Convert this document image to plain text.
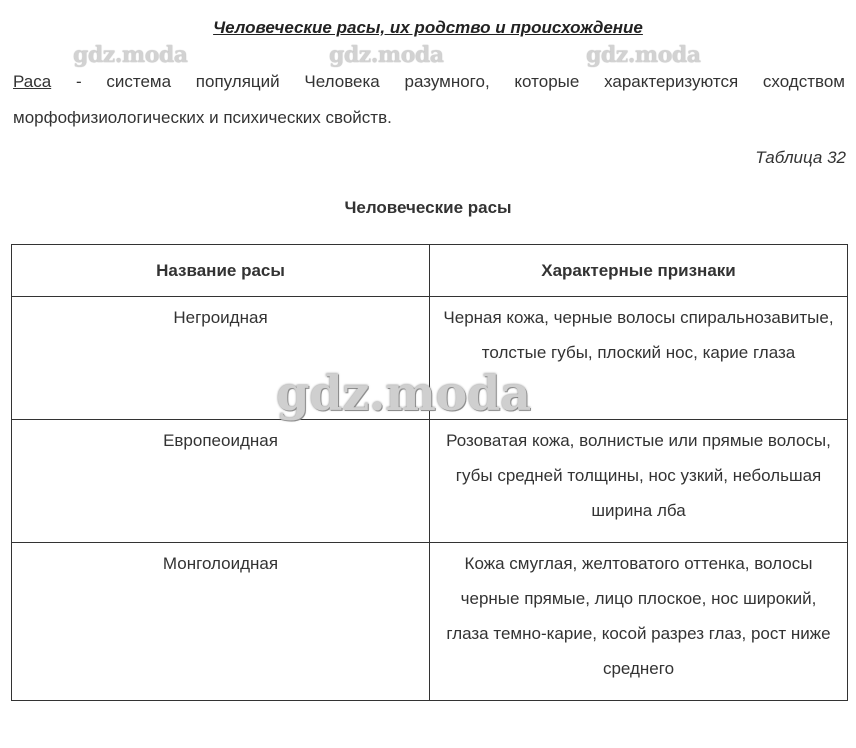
Человеческие расы, их родство и происхождение
gdz.moda	gdz.moda	gdz.moda

Раса - система популяций Человека разумного, которые характеризуются сходством морфофизиологических и психических свойств.

Таблица 32

Человеческие расы

Название расы	Характерные признаки
Негроидная	Черная кожа, черные волосы спиральнозавитые, толстые губы, плоский нос, карие глаза
Европеоидная	Розоватая кожа, волнистые или прямые волосы, губы средней толщины, нос узкий, небольшая ширина лба
Монголоидная	Кожа смуглая, желтоватого оттенка, волосы черные прямые, лицо плоское, нос широкий, глаза темно-карие, косой разрез глаз, рост ниже среднего
gdz.moda
